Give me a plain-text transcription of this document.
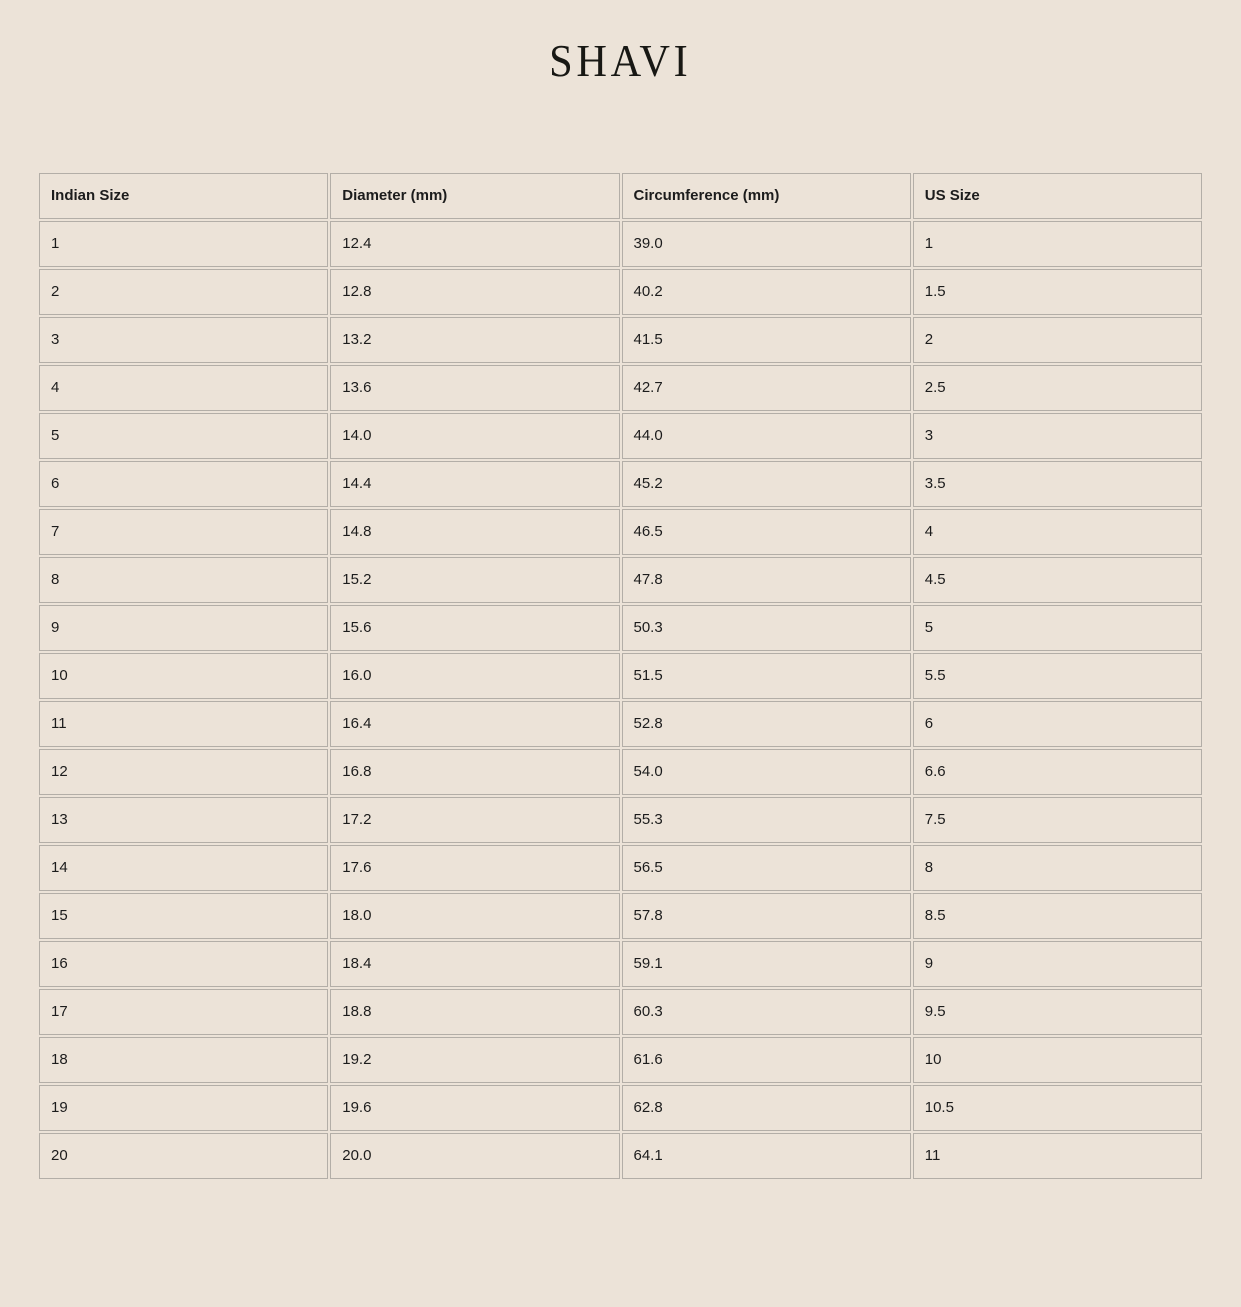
SHAVI
Indian Size	Diameter (mm)	Circumference (mm)	US Size
1	12.4	39.0	1
2	12.8	40.2	1.5
3	13.2	41.5	2
4	13.6	42.7	2.5
5	14.0	44.0	3
6	14.4	45.2	3.5
7	14.8	46.5	4
8	15.2	47.8	4.5
9	15.6	50.3	5
10	16.0	51.5	5.5
11	16.4	52.8	6
12	16.8	54.0	6.6
13	17.2	55.3	7.5
14	17.6	56.5	8
15	18.0	57.8	8.5
16	18.4	59.1	9
17	18.8	60.3	9.5
18	19.2	61.6	10
19	19.6	62.8	10.5
20	20.0	64.1	11
